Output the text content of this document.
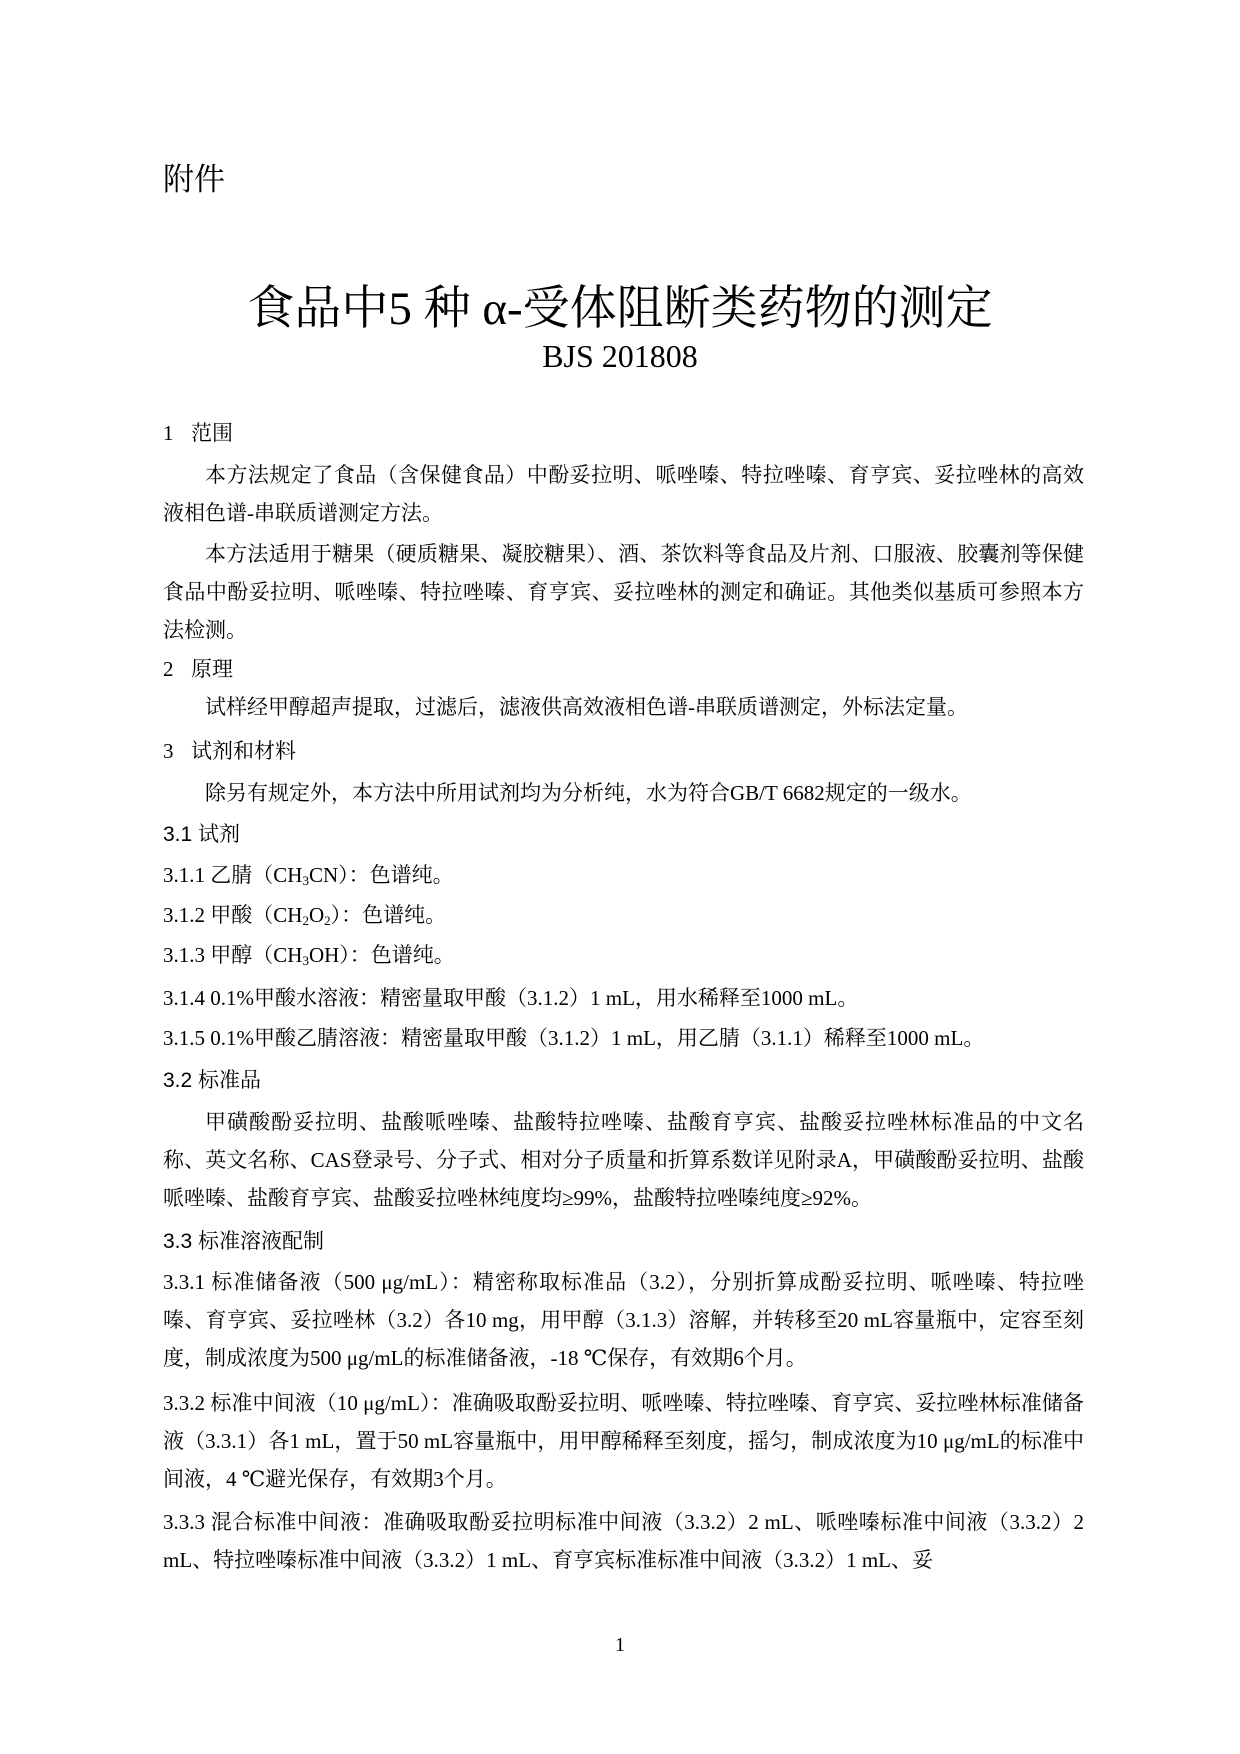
附件
食品中5 种 α-受体阻断类药物的测定
BJS 201808
1 范围
本方法规定了食品（含保健食品）中酚妥拉明、哌唑嗪、特拉唑嗪、育亨宾、妥拉唑林的高效液相色谱-串联质谱测定方法。
本方法适用于糖果（硬质糖果、凝胶糖果）、酒、茶饮料等食品及片剂、口服液、胶囊剂等保健食品中酚妥拉明、哌唑嗪、特拉唑嗪、育亨宾、妥拉唑林的测定和确证。其他类似基质可参照本方法检测。
2 原理
试样经甲醇超声提取，过滤后，滤液供高效液相色谱-串联质谱测定，外标法定量。
3 试剂和材料
除另有规定外，本方法中所用试剂均为分析纯，水为符合GB/T 6682规定的一级水。
3.1 试剂
3.1.1 乙腈$(CH_3CN)$：色谱纯。
3.1.2 甲酸$(CH_2O_2)$：色谱纯。
3.1.3 甲醇$(CH_3OH)$：色谱纯。
3.1.4 0.1%甲酸水溶液：精密量取甲酸（3.1.2）1 mL，用水稀释至1000 mL。
3.1.5 0.1%甲酸乙腈溶液：精密量取甲酸（3.1.2）1 mL，用乙腈（3.1.1）稀释至1000 mL。
3.2 标准品
甲磺酸酚妥拉明、盐酸哌唑嗪、盐酸特拉唑嗪、盐酸育亨宾、盐酸妥拉唑林标准品的中文名称、英文名称、CAS登录号、分子式、相对分子质量和折算系数详见附录A，甲磺酸酚妥拉明、盐酸哌唑嗪、盐酸育亨宾、盐酸妥拉唑林纯度均≥99%，盐酸特拉唑嗪纯度≥92%。
3.3 标准溶液配制
3.3.1 标准储备液（500 μg/mL）：精密称取标准品（3.2），分别折算成酚妥拉明、哌唑嗪、特拉唑嗪、育亨宾、妥拉唑林（3.2）各10 mg，用甲醇（3.1.3）溶解，并转移至20 mL容量瓶中，定容至刻度，制成浓度为500 μg/mL的标准储备液，-18 ℃保存，有效期6个月。
3.3.2 标准中间液（10 μg/mL）：准确吸取酚妥拉明、哌唑嗪、特拉唑嗪、育亨宾、妥拉唑林标准储备液（3.3.1）各1 mL，置于50 mL容量瓶中，用甲醇稀释至刻度，摇匀，制成浓度为10 μg/mL的标准中间液，4 ℃避光保存，有效期3个月。
3.3.3 混合标准中间液：准确吸取酚妥拉明标准中间液（3.3.2）2 mL、哌唑嗪标准中间液（3.3.2）2 mL、特拉唑嗪标准中间液（3.3.2）1 mL、育亨宾标准标准中间液（3.3.2）1 mL、妥
1
